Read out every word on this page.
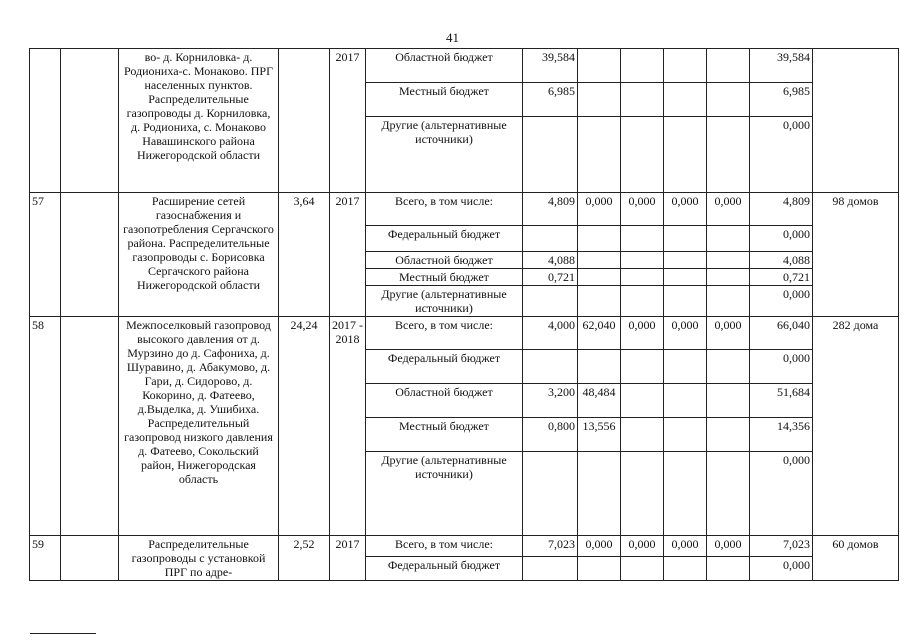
41
		во- д. Корниловка- д. Родиониха-с. Монаково. ПРГ населенных пунктов. Распределительные газопроводы д. Корниловка, д. Родиониха, с. Монаково Навашинского района Нижегородской области		2017	Областной бюджет	39,584					39,584	
					Местный бюджет	6,985					6,985	
					Другие (альтернативные источники)						0,000	
57		Расширение сетей газоснабжения и газопотребления Сергачского района. Распределительные газопроводы с. Борисовка Сергачского района Нижегородской области	3,64	2017	Всего, в том числе:	4,809	0,000	0,000	0,000	0,000	4,809	98 домов
					Федеральный бюджет						0,000	
					Областной бюджет	4,088					4,088	
					Местный бюджет	0,721					0,721	
					Другие (альтернативные источники)						0,000	
58		Межпоселковый газопровод высокого давления от д. Мурзино до д. Сафониха, д. Шуравино, д. Абакумово, д. Гари, д. Сидорово, д. Кокорино, д. Фатеево, д.Выделка, д. Ушибиха. Распределительный газопровод низкого давления д. Фатеево, Сокольский район, Нижегородская область	24,24	2017 - 2018	Всего, в том числе:	4,000	62,040	0,000	0,000	0,000	66,040	282 дома
					Федеральный бюджет						0,000	
					Областной бюджет	3,200	48,484				51,684	
					Местный бюджет	0,800	13,556				14,356	
					Другие (альтернативные источники)						0,000	
59		Распределительные газопроводы с установкой ПРГ по адре-	2,52	2017	Всего, в том числе:	7,023	0,000	0,000	0,000	0,000	7,023	60 домов
					Федеральный бюджет						0,000	
